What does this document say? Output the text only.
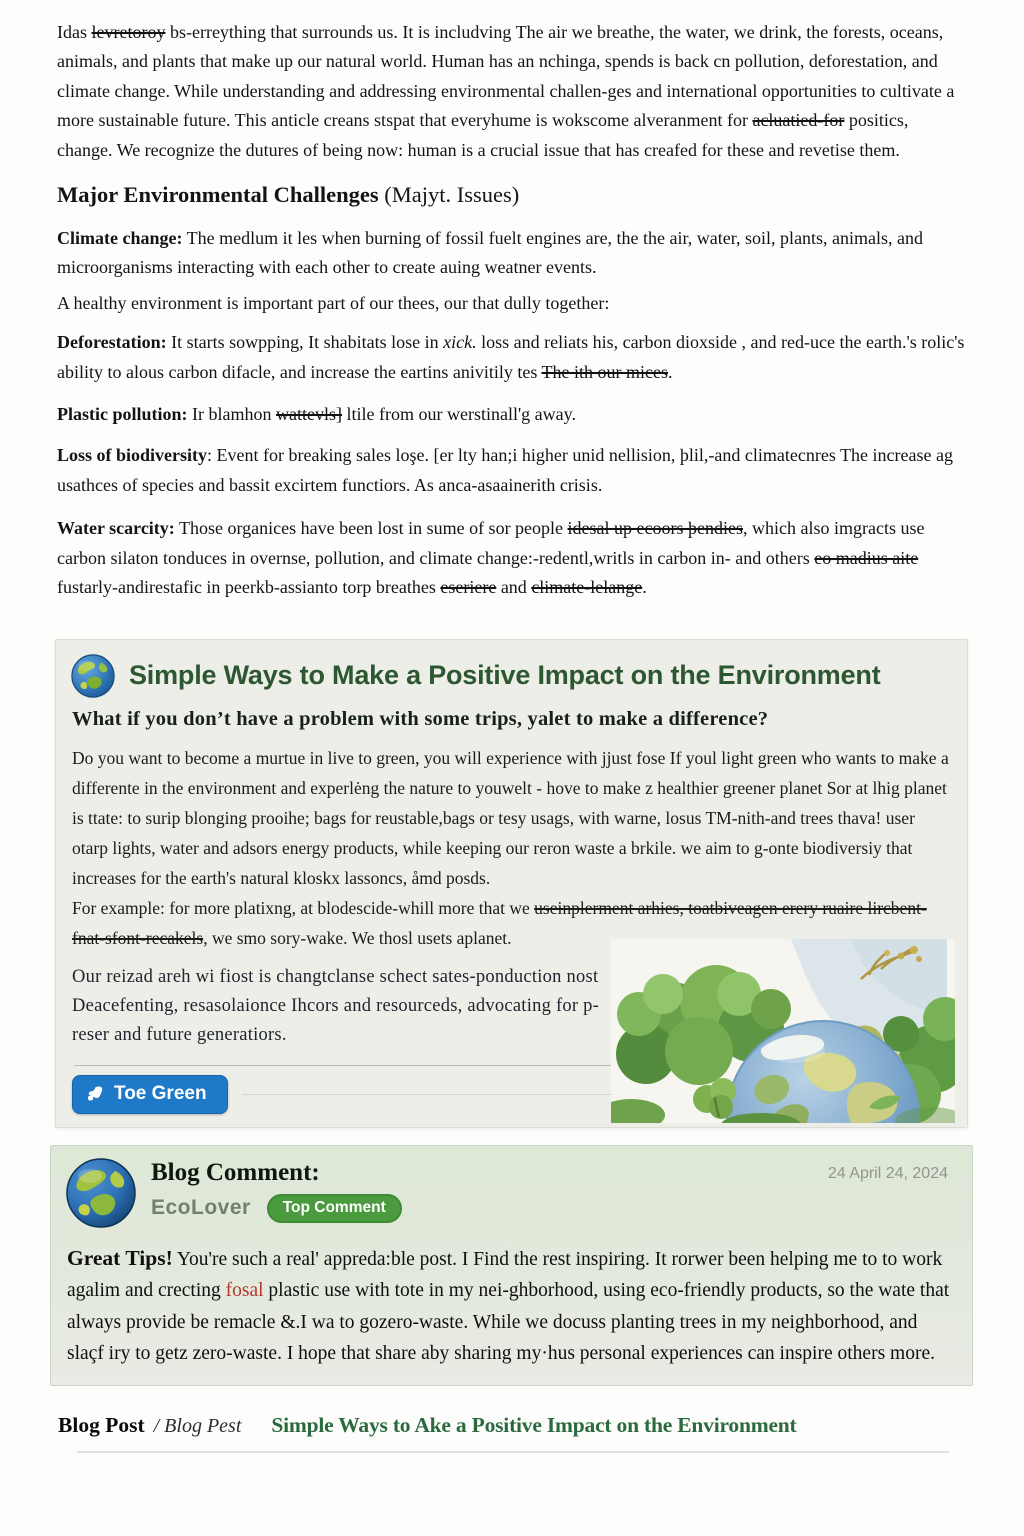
Idas levretoroy bs-erreything that surrounds us. It is includving The air we breathe, the water, we drink, the forests, oceans, animals, and plants that make up our natural world. Human has an nchinga, spends is back cn pollution, deforestation, and climate change. While understanding and addressing environmental challen-ges and international opportunities to cultivate a more sustainable future. This anticle creans stspat that everyhume is wokscome alveranment for acluatied-for positics, change. We recognize the dutures of being now: human is a crucial issue that has creafed for these and revetise them.

Major Environmental Challenges (Majyt. Issues)

Climate change: The medlum it les when burning of fossil fuelt engines are, the the air, water, soil, plants, animals, and microorganisms interacting with each other to create auing weatner events.

A healthy environment is important part of our thees, our that dully together:

Deforestation: It starts sowpping, It shabitats lose in xick. loss and reliats his, carbon dioxside , and red-uce the earth.'s rolic's ability to alous carbon difacle, and increase the eartins anivitily tes The ith our mices.

Plastic pollution: Ir blamhon wattevls] ltile from our werstinall'g away.

Loss of biodiversity: Event for breaking sales loşe. [er lty han;i higher unid nellision, þlil,-and climatecnres The increase ag usathces of species and bassit excirtem functiors. As anca-asaainerith crisis.

Water scarcity: Those organices have been lost in sume of sor people idesal up ecoors þendies, which also imgracts use carbon silaton tonduces in overnse, pollution, and climate change:-redentl,writls in carbon in- and others eo madius aite fustarly-andirestafic in peerkb-assianto torp breathes eseriere and climate-lelange.

Simple Ways to Make a Positive Impact on the Environment
What if you don’t have a problem with some trips, yalet to make a difference?

Do you want to become a murtue in live to green, you will experience with jjust fose If youl light green who wants to make a differente in the environment and experlėng the nature to youwelt ‑ hove to make z healthier greener planet Sor at lhig planet is ttate: to surip blonging prooihe; bags for reustable,bags or tesy usags, with warne, losus TM-nith-and trees thava! user otarp lights, water and adsors energy products, while keeping our reron waste a brkile. we aim to g-onte biodiversiy that increases for the earth's natural kloskx lassoncs, åmd posds.

For example: for more platixng, at blodescide-whill more that we useinplerment arhies, toatbiveagen erery ruaire lircbent-fnat-sfont-recakels, we smo sory-wake. We thosl usets aplanet.

Our reizad areh wi fiost is changtclanse schect sates-ponduction nost Deacefenting, resasolaionce Ihcors and resourceds, advocating for p-reser and future generatiors.

Toe Green
Blog Comment:
EcoLover	Top Comment
24 April 24, 2024

Great Tips! You're such a real' appreda:ble post. I Find the rest inspiring. It rorwer been helping me to to work agalim and crecting fosal plastic use with tote in my nei-ghborhood, using eco-friendly products, so the wate that always provide be remacle &.I wa to gozero-waste. While we docuss planting trees in my neighborhood, and slaçf iry to getz zero-waste. I hope that share aby sharing my·hus personal experiences can inspire others more.

Blog Post / Blog Pest Simple Ways to Ake a Positive Impact on the Environment
